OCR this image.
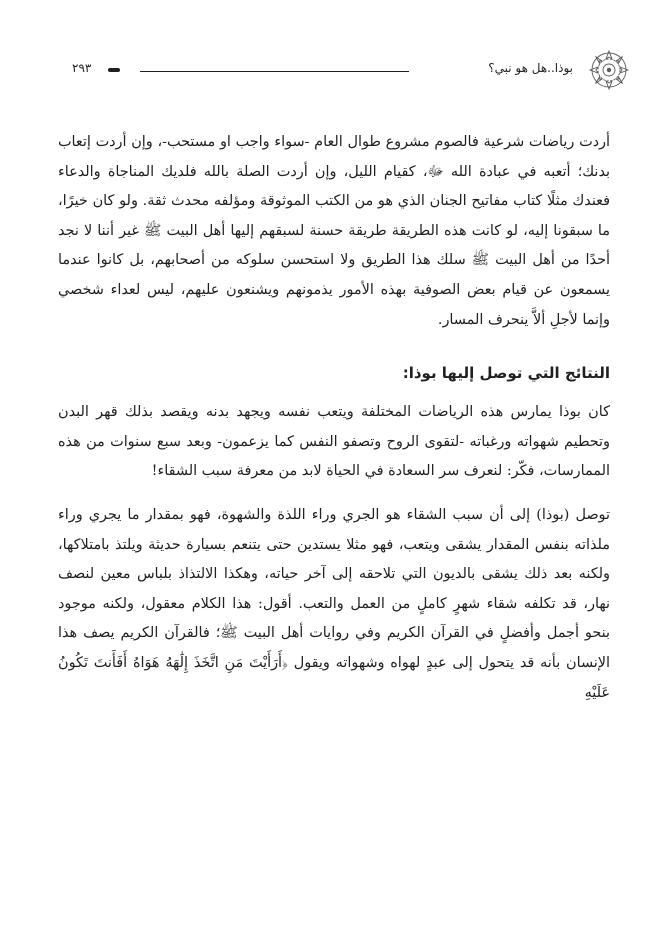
بوذا..هل هو نبي؟
٢٩٣

أردت رياضات شرعية فالصوم مشروع طوال العام -سواء واجب او مستحب-، وإن أردت إتعاب بدنك؛ أتعبه في عبادة الله ﷻ، كقيام الليل، وإن أردت الصلة بالله فلديك المناجاة والدعاء فعندك مثلًا كتاب مفاتيح الجنان الذي هو من الكتب الموثوقة ومؤلفه محدث ثقة. ولو كان خيرًا، ما سبقونا إليه، لو كانت هذه الطريقة طريقة حسنة لسبقهم إليها أهل البيت ﷺ غير أننا لا نجد أحدًا من أهل البيت ﷺ سلك هذا الطريق ولا استحسن سلوكه من أصحابهم، بل كانوا عندما يسمعون عن قيام بعض الصوفية بهذه الأمور يذمونهم ويشنعون عليهم، ليس لعداء شخصي وإنما لأجلِ ألاَّ ينحرف المسار.

النتائج التي توصل إليها بوذا:

كان بوذا يمارس هذه الرياضات المختلفة ويتعب نفسه ويجهد بدنه ويقصد بذلك قهر البدن وتحطيم شهواته ورغباته -لتقوى الروح وتصفو النفس كما يزعمون- وبعد سبع سنوات من هذه الممارسات، فكّر: لنعرف سر السعادة في الحياة لابد من معرفة سبب الشقاء!

توصل (بوذا) إلى أن سبب الشقاء هو الجري وراء اللذة والشهوة، فهو بمقدار ما يجري وراء ملذاته بنفس المقدار يشقى ويتعب، فهو مثلا يستدين حتى يتنعم بسيارة حديثة ويلتذ بامتلاكها، ولكنه بعد ذلك يشقى بالديون التي تلاحقه إلى آخر حياته، وهكذا الالتذاذ بلباس معين لنصف نهار، قد تكلفه شقاء شهرٍ كاملٍ من العمل والتعب. أقول: هذا الكلام معقول، ولكنه موجود بنحو أجمل وأفضلٍ في القرآن الكريم وفي روايات أهل البيت ﷺ؛ فالقرآن الكريم يصف هذا الإنسان بأنه قد يتحول إلى عبدٍ لهواه وشهواته ويقول ﴿أَرَأَيْتَ مَنِ اتَّخَذَ إِلَٰهَهُ هَوَاهُ أَفَأَنتَ تَكُونُ عَلَيْهِ
